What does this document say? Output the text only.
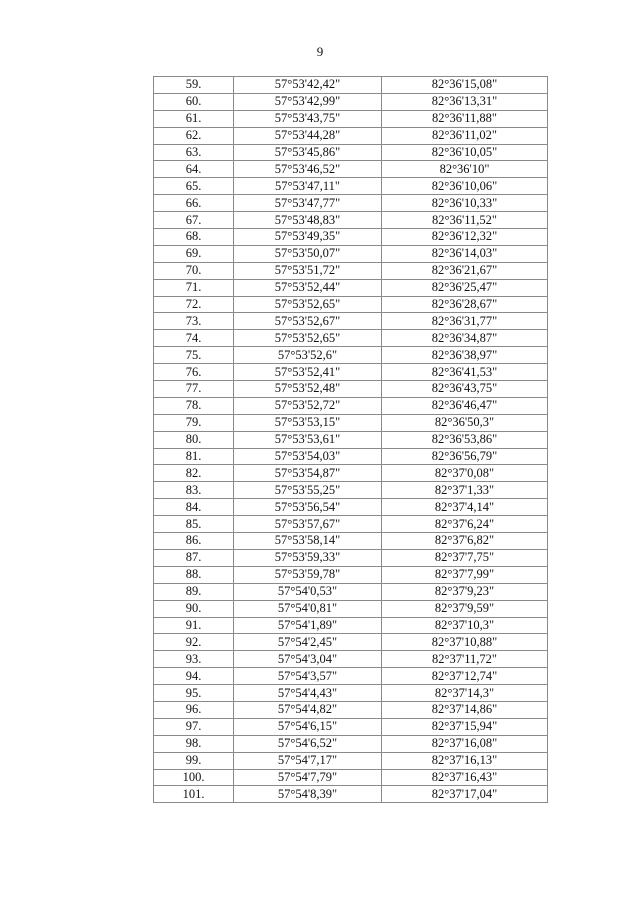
9
59.	57°53'42,42"	82°36'15,08"
60.	57°53'42,99"	82°36'13,31"
61.	57°53'43,75"	82°36'11,88"
62.	57°53'44,28"	82°36'11,02"
63.	57°53'45,86"	82°36'10,05"
64.	57°53'46,52"	82°36'10"
65.	57°53'47,11"	82°36'10,06"
66.	57°53'47,77"	82°36'10,33"
67.	57°53'48,83"	82°36'11,52"
68.	57°53'49,35"	82°36'12,32"
69.	57°53'50,07"	82°36'14,03"
70.	57°53'51,72"	82°36'21,67"
71.	57°53'52,44"	82°36'25,47"
72.	57°53'52,65"	82°36'28,67"
73.	57°53'52,67"	82°36'31,77"
74.	57°53'52,65"	82°36'34,87"
75.	57°53'52,6"	82°36'38,97"
76.	57°53'52,41"	82°36'41,53"
77.	57°53'52,48"	82°36'43,75"
78.	57°53'52,72"	82°36'46,47"
79.	57°53'53,15"	82°36'50,3"
80.	57°53'53,61"	82°36'53,86"
81.	57°53'54,03"	82°36'56,79"
82.	57°53'54,87"	82°37'0,08"
83.	57°53'55,25"	82°37'1,33"
84.	57°53'56,54"	82°37'4,14"
85.	57°53'57,67"	82°37'6,24"
86.	57°53'58,14"	82°37'6,82"
87.	57°53'59,33"	82°37'7,75"
88.	57°53'59,78"	82°37'7,99"
89.	57°54'0,53"	82°37'9,23"
90.	57°54'0,81"	82°37'9,59"
91.	57°54'1,89"	82°37'10,3"
92.	57°54'2,45"	82°37'10,88"
93.	57°54'3,04"	82°37'11,72"
94.	57°54'3,57"	82°37'12,74"
95.	57°54'4,43"	82°37'14,3"
96.	57°54'4,82"	82°37'14,86"
97.	57°54'6,15"	82°37'15,94"
98.	57°54'6,52"	82°37'16,08"
99.	57°54'7,17"	82°37'16,13"
100.	57°54'7,79"	82°37'16,43"
101.	57°54'8,39"	82°37'17,04"
